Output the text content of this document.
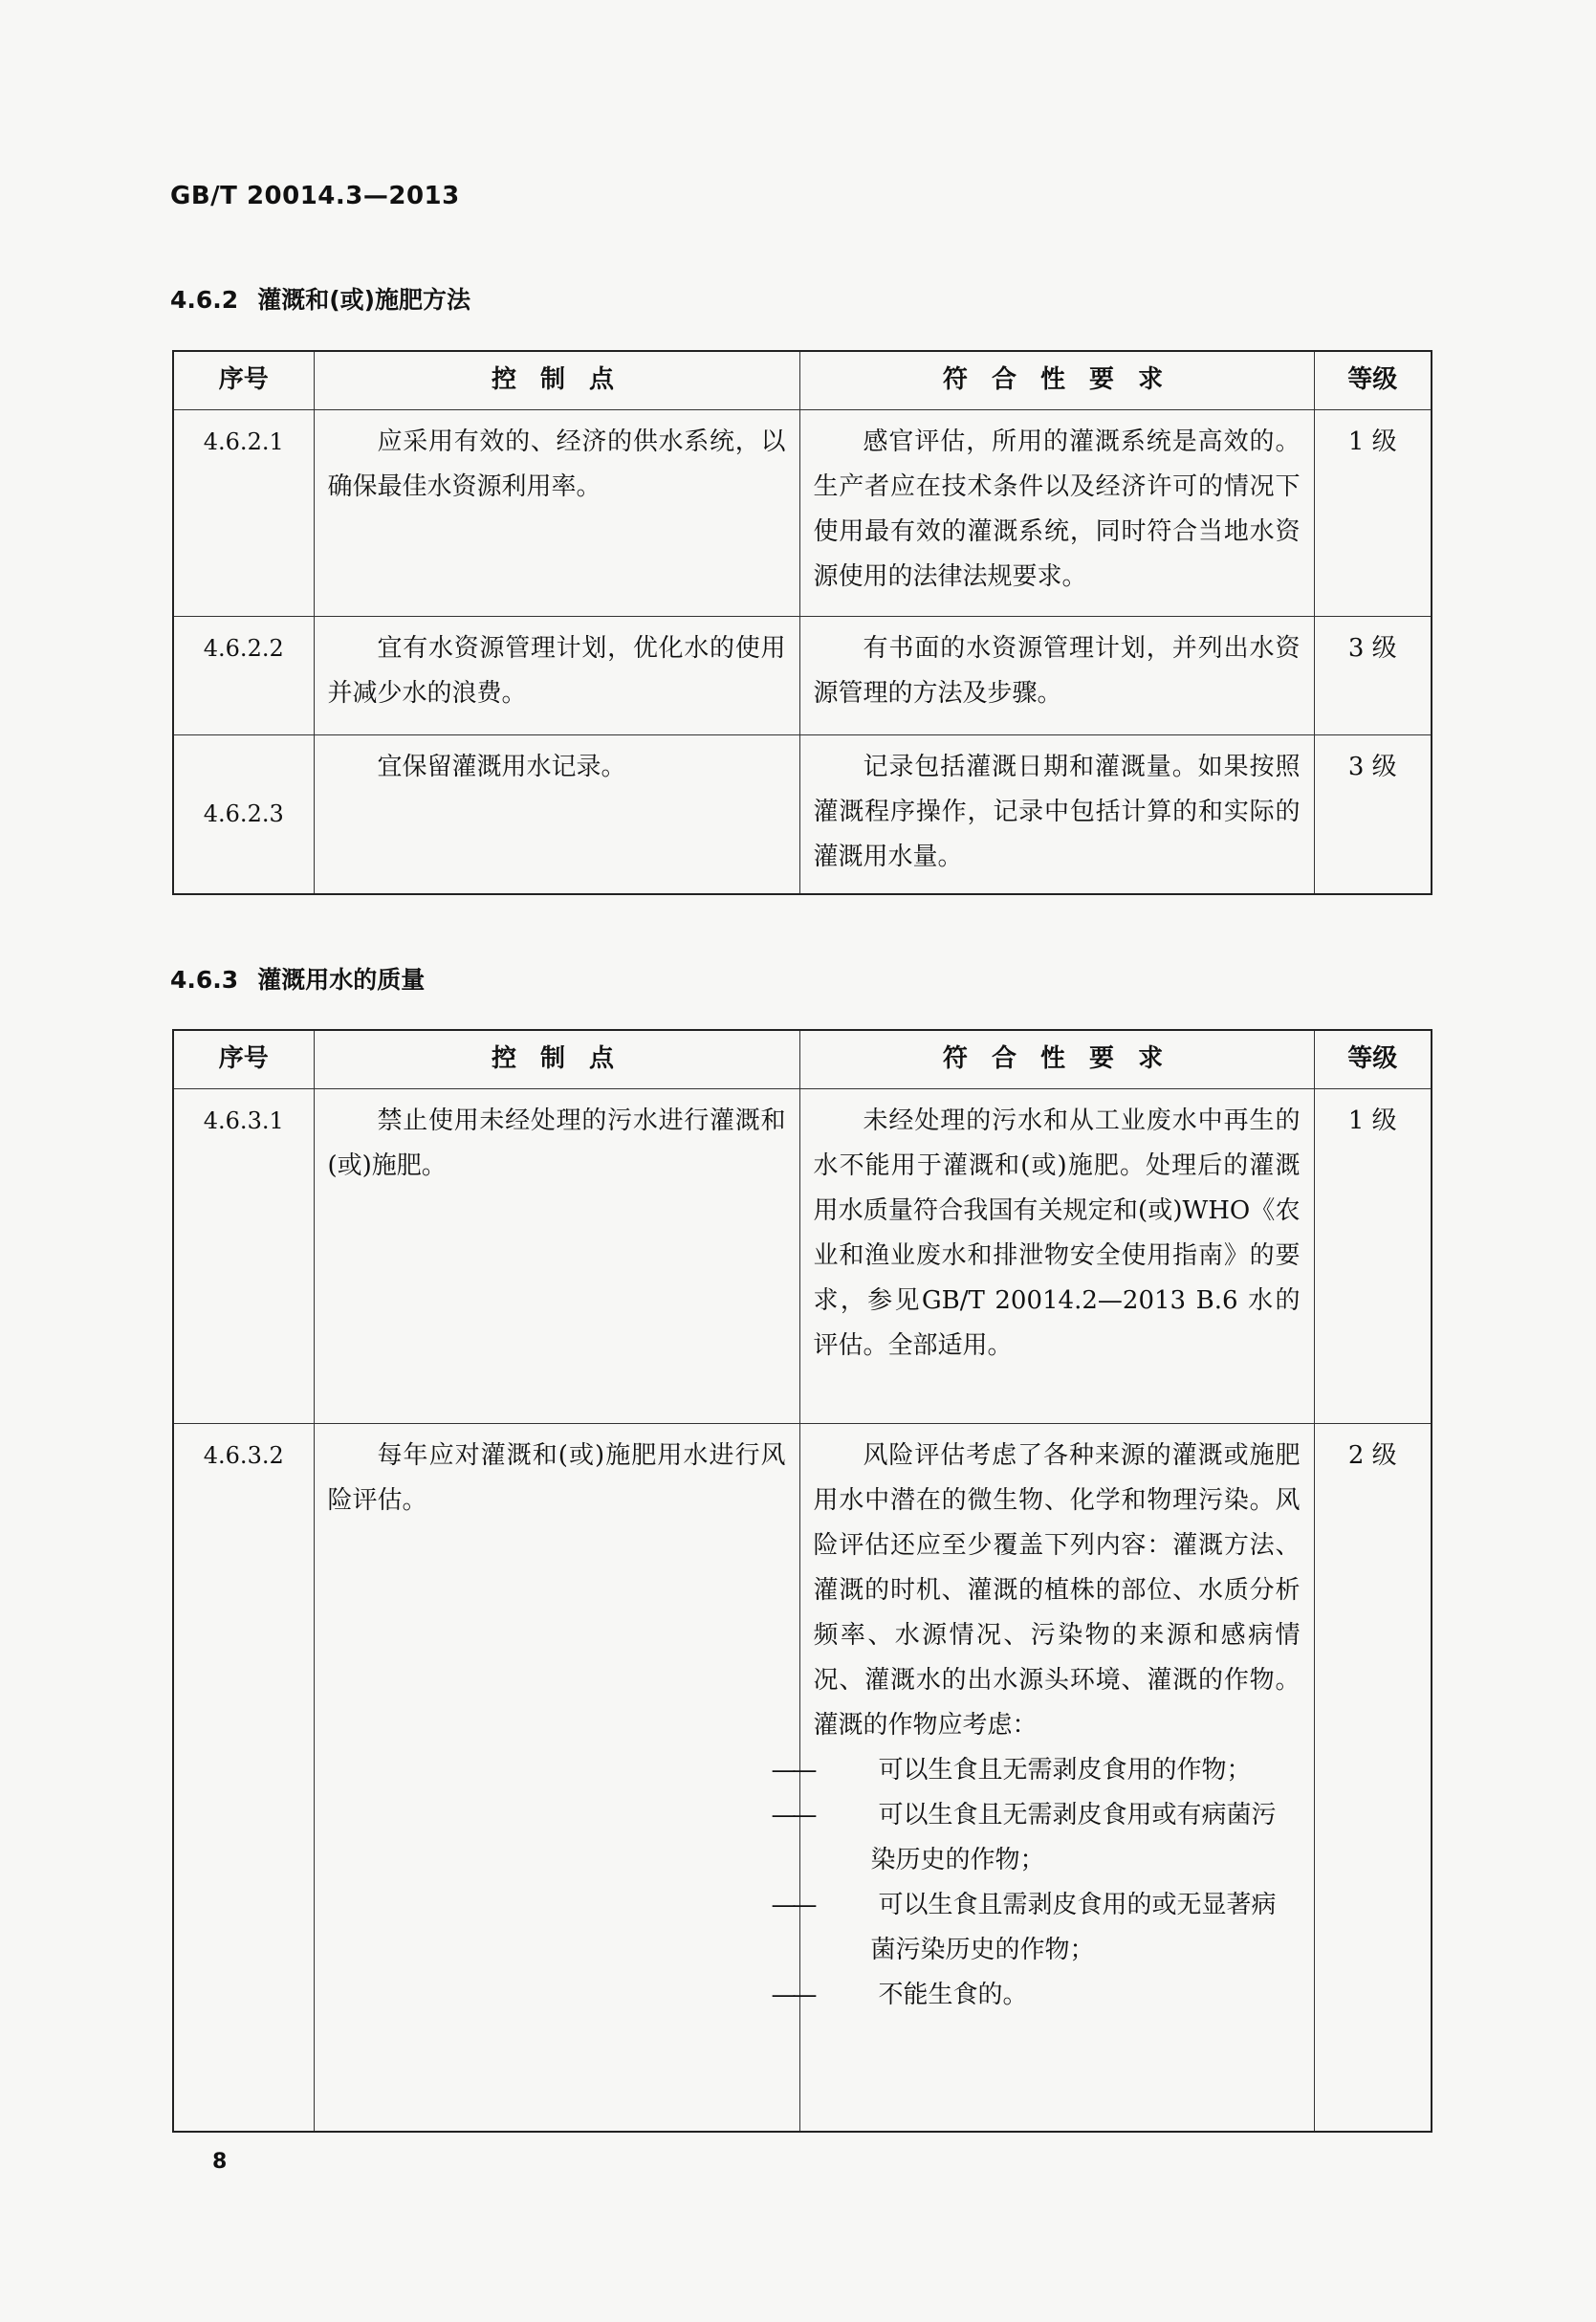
GB/T 20014.3—2013
4.6.2 灌溉和(或)施肥方法
序号	控 制 点	符 合 性 要 求	等级
4.6.2.1	应采用有效的、经济的供水系统，以确保最佳水资源利用率。	感官评估，所用的灌溉系统是高效的。生产者应在技术条件以及经济许可的情况下使用最有效的灌溉系统，同时符合当地水资源使用的法律法规要求。	1 级
4.6.2.2	宜有水资源管理计划，优化水的使用并减少水的浪费。	有书面的水资源管理计划，并列出水资源管理的方法及步骤。	3 级
4.6.2.3	宜保留灌溉用水记录。	记录包括灌溉日期和灌溉量。如果按照灌溉程序操作，记录中包括计算的和实际的灌溉用水量。	3 级
4.6.3 灌溉用水的质量
序号	控 制 点	符 合 性 要 求	等级
4.6.3.1	禁止使用未经处理的污水进行灌溉和(或)施肥。	未经处理的污水和从工业废水中再生的水不能用于灌溉和(或)施肥。处理后的灌溉用水质量符合我国有关规定和(或)WHO《农业和渔业废水和排泄物安全使用指南》的要求，参见GB/T 20014.2—2013 B.6 水的评估。全部适用。	1 级
4.6.3.2	每年应对灌溉和(或)施肥用水进行风险评估。	风险评估考虑了各种来源的灌溉或施肥用水中潜在的微生物、化学和物理污染。风险评估还应至少覆盖下列内容：灌溉方法、灌溉的时机、灌溉的植株的部位、水质分析频率、水源情况、污染物的来源和感病情况、灌溉水的出水源头环境、灌溉的作物。灌溉的作物应考虑：

—— 可以生食且无需剥皮食用的作物；

—— 可以生食且无需剥皮食用或有病菌污染历史的作物；

—— 可以生食且需剥皮食用的或无显著病菌污染历史的作物；

—— 不能生食的。	2 级
8
